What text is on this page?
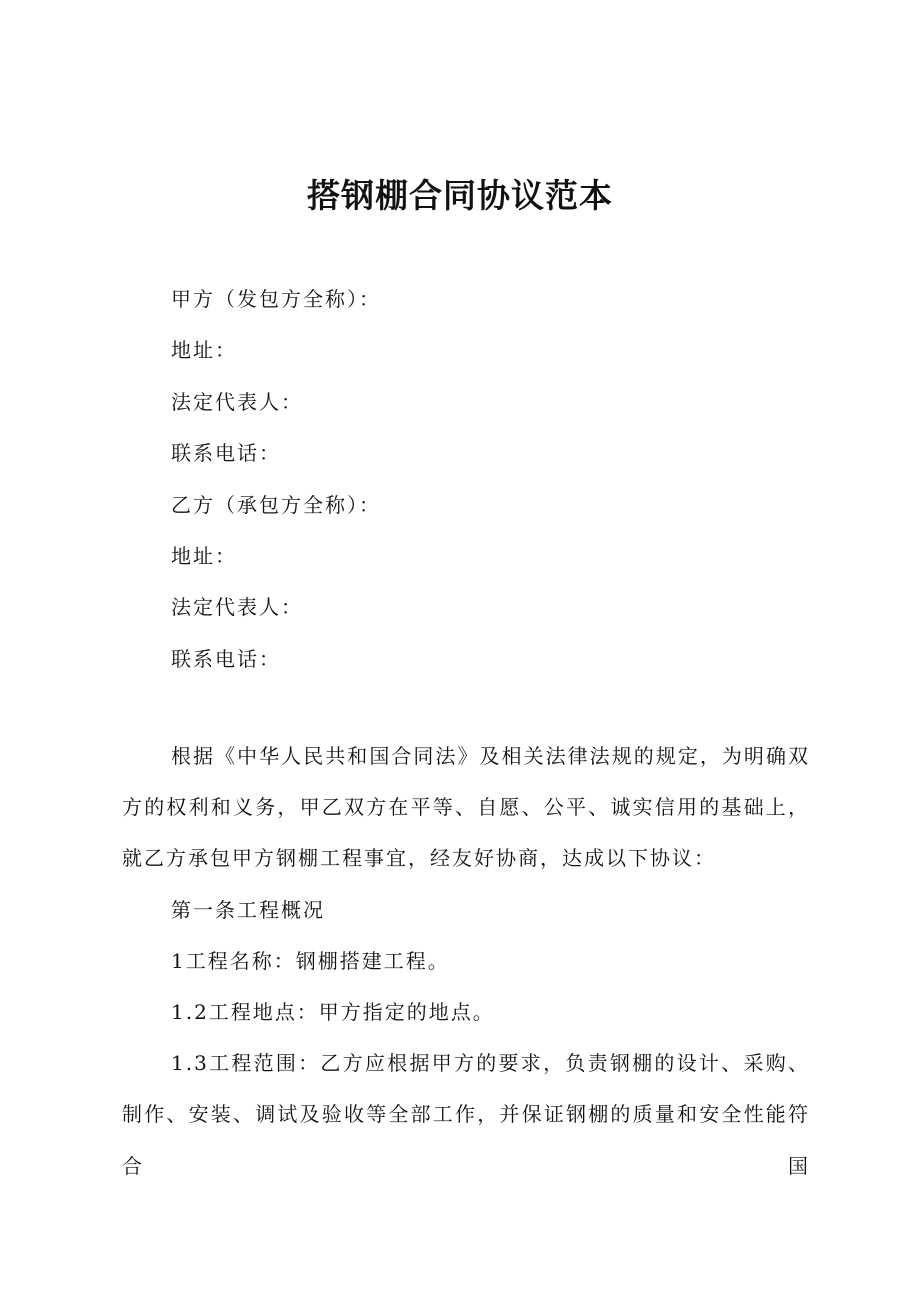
搭钢棚合同协议范本
甲方（发包方全称）：
地址：
法定代表人：
联系电话：
乙方（承包方全称）：
地址：
法定代表人：
联系电话：

根据《中华人民共和国合同法》及相关法律法规的规定，为明确双方的权利和义务，甲乙双方在平等、自愿、公平、诚实信用的基础上，就乙方承包甲方钢棚工程事宜，经友好协商，达成以下协议：

第一条工程概况

1工程名称：钢棚搭建工程。

1.2工程地点：甲方指定的地点。

1.3工程范围：乙方应根据甲方的要求，负责钢棚的设计、采购、制作、安装、调试及验收等全部工作，并保证钢棚的质量和安全性能符合国
